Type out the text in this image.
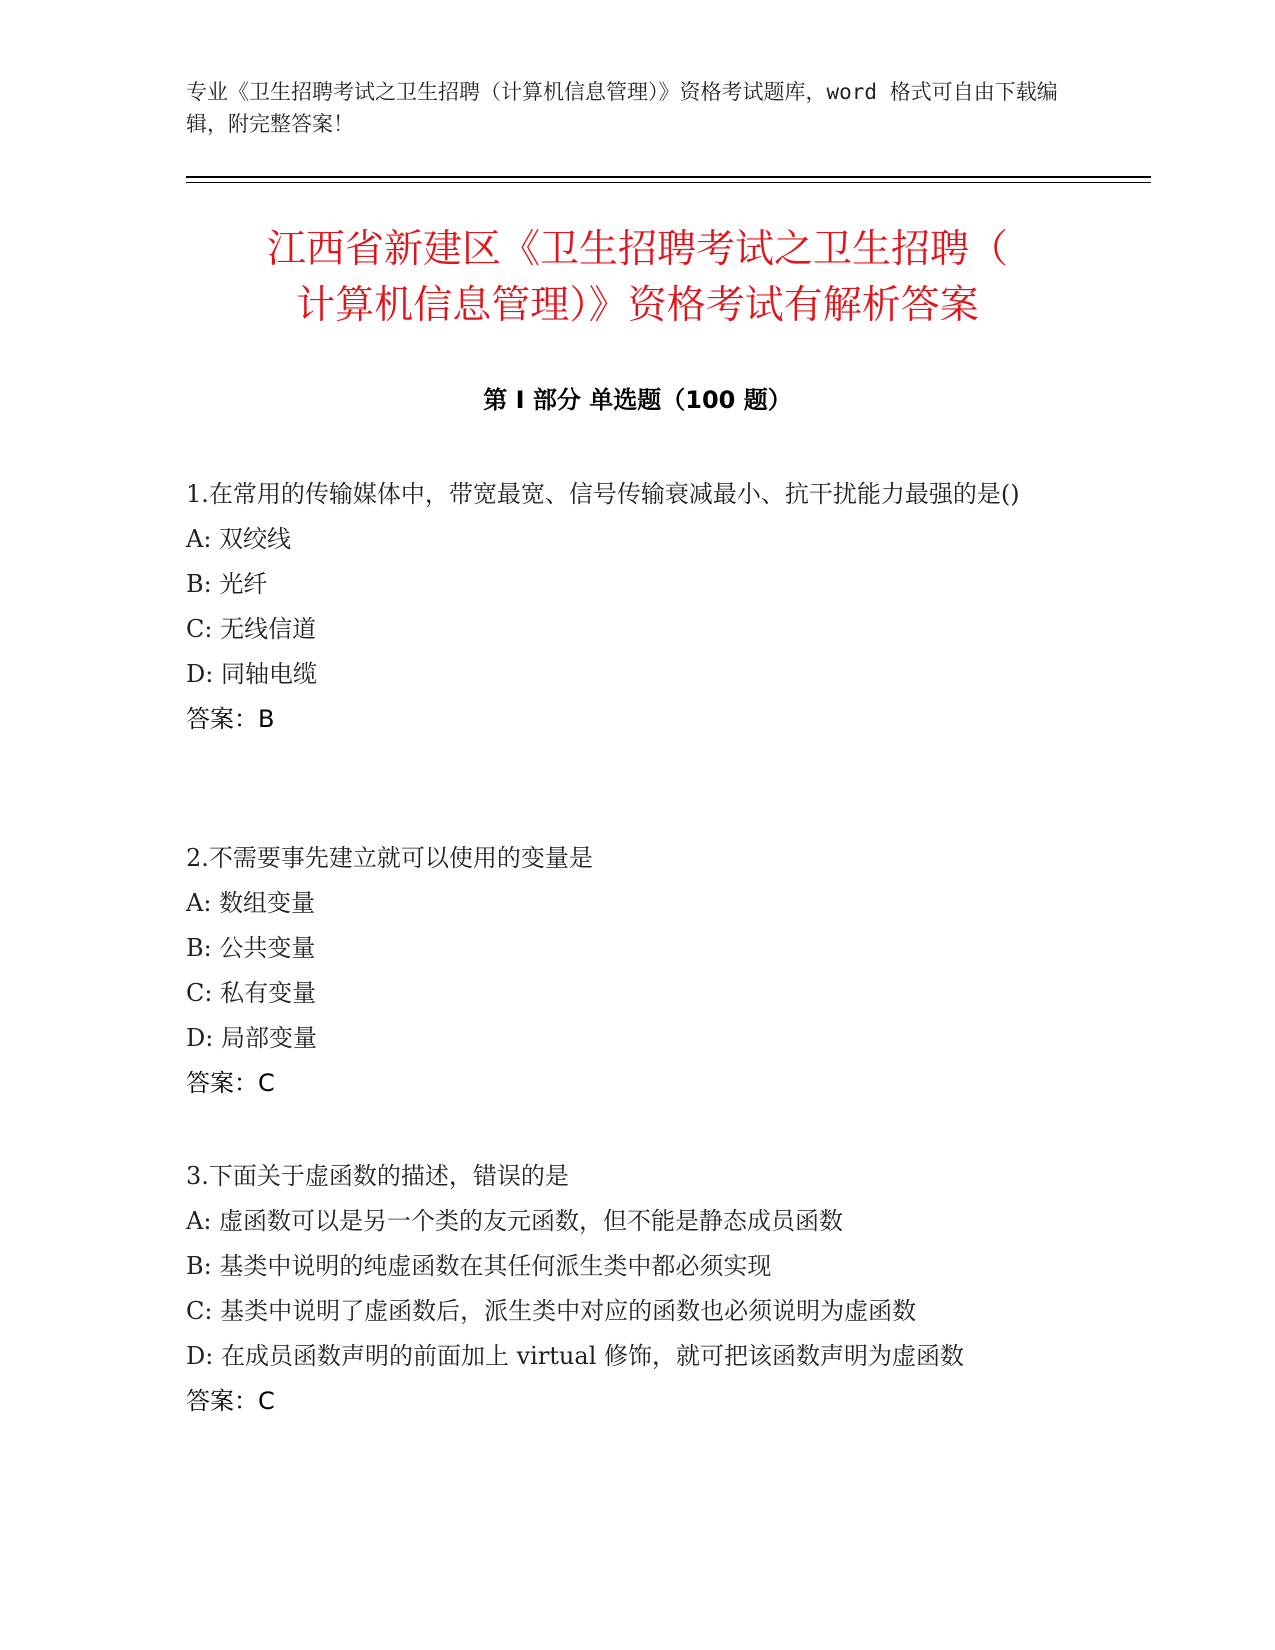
专业《卫生招聘考试之卫生招聘（计算机信息管理）》资格考试题库，word 格式可自由下载编辑，附完整答案！
江西省新建区《卫生招聘考试之卫生招聘（
计算机信息管理）》资格考试有解析答案
第 I 部分 单选题（100 题）
1.在常用的传输媒体中，带宽最宽、信号传输衰减最小、抗干扰能力最强的是()
A: 双绞线
B: 光纤
C: 无线信道
D: 同轴电缆
答案：B
2.不需要事先建立就可以使用的变量是
A: 数组变量
B: 公共变量
C: 私有变量
D: 局部变量
答案：C
3.下面关于虚函数的描述，错误的是
A: 虚函数可以是另一个类的友元函数，但不能是静态成员函数
B: 基类中说明的纯虚函数在其任何派生类中都必须实现
C: 基类中说明了虚函数后，派生类中对应的函数也必须说明为虚函数
D: 在成员函数声明的前面加上 virtual 修饰，就可把该函数声明为虚函数
答案：C
